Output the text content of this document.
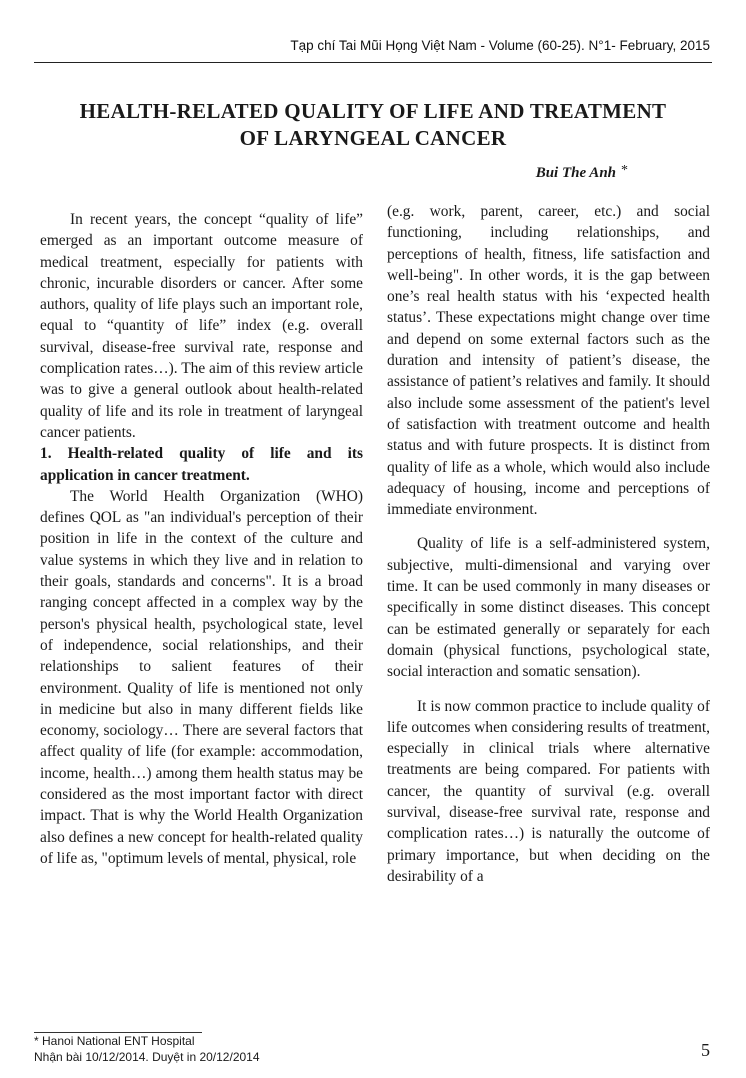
Tạp chí Tai Mũi Họng Việt Nam - Volume (60-25). N°1- February, 2015
HEALTH-RELATED QUALITY OF LIFE AND TREATMENT
OF LARYNGEAL CANCER
Bui The Anh *

In recent years, the concept “quality of life” emerged as an important outcome measure of medical treatment, especially for patients with chronic, incurable disorders or cancer. After some authors, quality of life plays such an important role, equal to “quantity of life” index (e.g. overall survival, disease-free survival rate, response and complication rates…). The aim of this review article was to give a general outlook about health-related quality of life and its role in treatment of laryngeal cancer patients.

1. Health-related quality of life and its application in cancer treatment.

The World Health Organization (WHO) defines QOL as "an individual's perception of their position in life in the context of the culture and value systems in which they live and in relation to their goals, standards and concerns". It is a broad ranging concept affected in a complex way by the person's physical health, psychological state, level of independence, social relationships, and their relationships to salient features of their environment. Quality of life is mentioned not only in medicine but also in many different fields like economy, sociology… There are several factors that affect quality of life (for example: accommodation, income, health…) among them health status may be considered as the most important factor with direct impact. That is why the World Health Organization also defines a new concept for health-related quality of life as, "optimum levels of mental, physical, role

(e.g. work, parent, career, etc.) and social functioning, including relationships, and perceptions of health, fitness, life satisfaction and well-being". In other words, it is the gap between one’s real health status with his ‘expected health status’. These expectations might change over time and depend on some external factors such as the duration and intensity of patient’s disease, the assistance of patient’s relatives and family. It should also include some assessment of the patient's level of satisfaction with treatment outcome and health status and with future prospects. It is distinct from quality of life as a whole, which would also include adequacy of housing, income and perceptions of immediate environment.

Quality of life is a self-administered system, subjective, multi-dimensional and varying over time. It can be used commonly in many diseases or specifically in some distinct diseases. This concept can be estimated generally or separately for each domain (physical functions, psychological state, social interaction and somatic sensation).

It is now common practice to include quality of life outcomes when considering results of treatment, especially in clinical trials where alternative treatments are being compared. For patients with cancer, the quantity of survival (e.g. overall survival, disease-free survival rate, response and complication rates…) is naturally the outcome of primary importance, but when deciding on the desirability of a

* Hanoi National ENT Hospital
Nhận bài 10/12/2014. Duyệt in 20/12/2014	5
